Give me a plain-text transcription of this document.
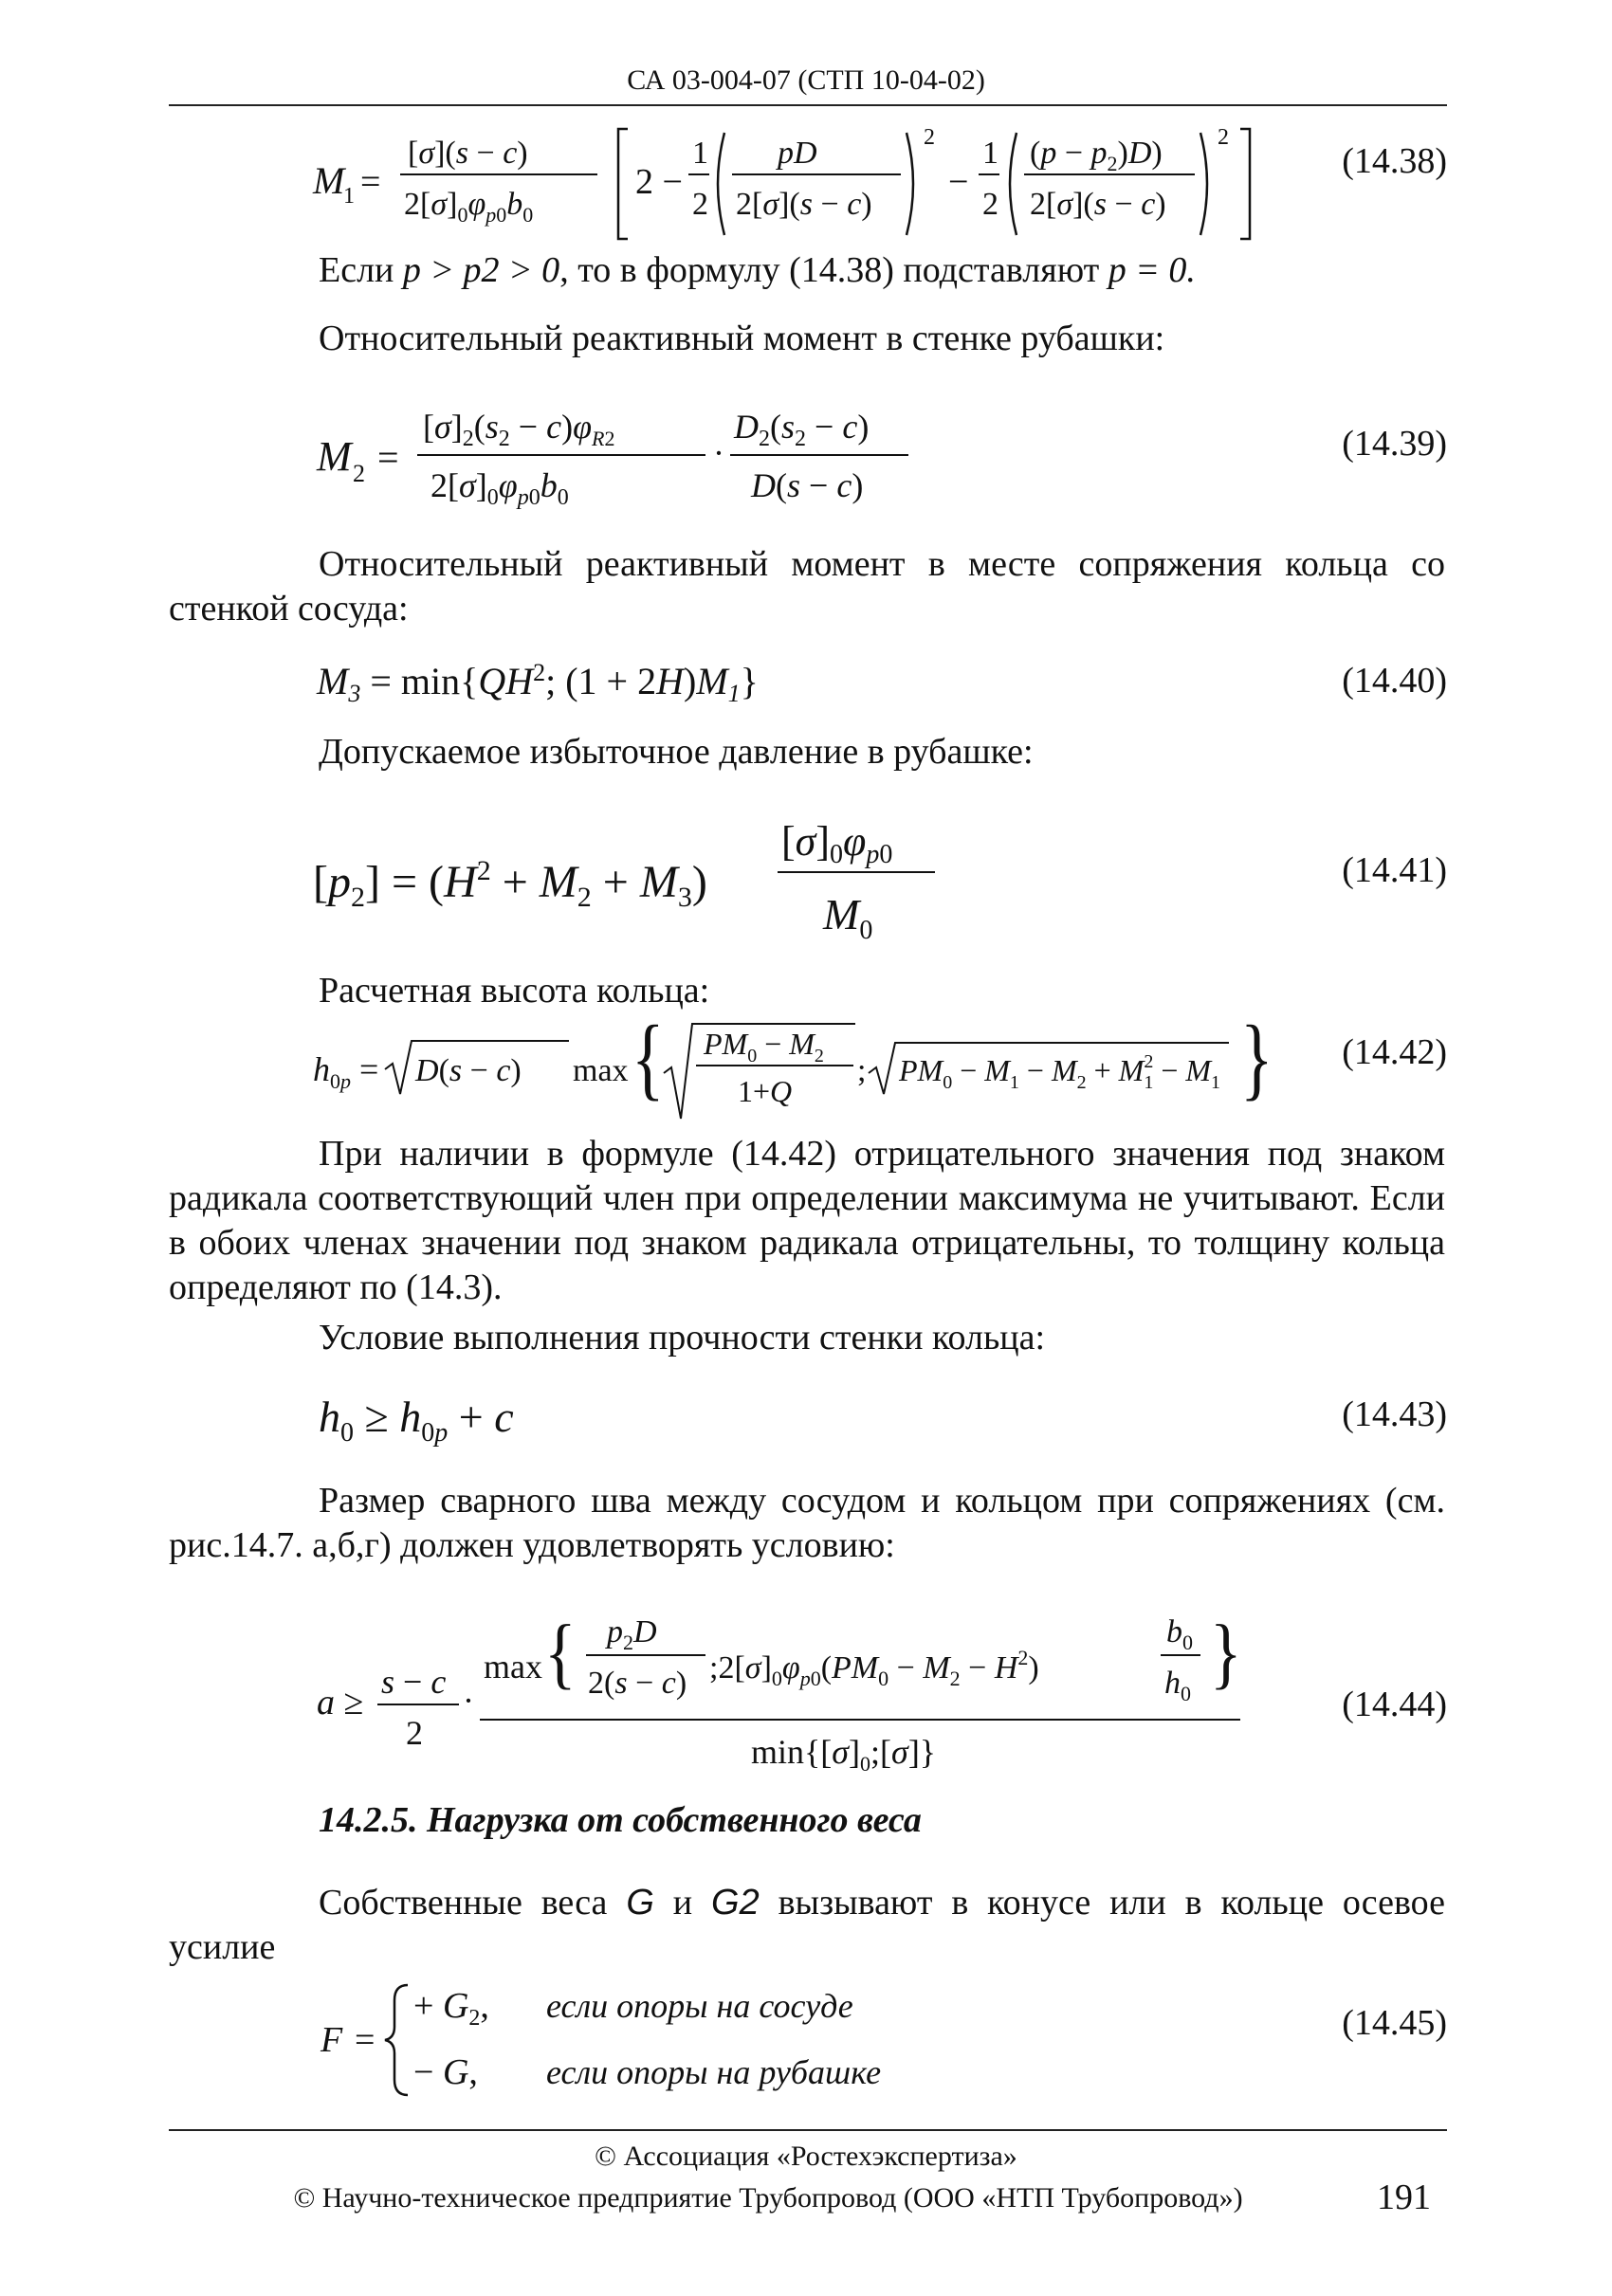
СА 03-004-07 (СТП 10-04-02)
M
1 =
[σ](s − c)
$2[\sigma]_0\varphi_p0b_0$
2 −
1
2
pD
2[σ](s − c)
2
−
1
2
$(p - p_2)D$)
2[σ](s − c)
2
(14.38)
Если p > p2 > 0, то в формулу (14.38) подставляют p = 0.
Относительный реактивный момент в стенке рубашки:
M 2 =
$[\sigma]_2(s_2 - c)\varphi_R2$
$2[\sigma]_0\varphi_p0b_0$
·
$D_2(s_2 - c)$
D(s − c)
(14.39)
Относительный реактивный момент в месте сопряжения кольца со стенкой сосуда:
$M_3 = \min\{QH^2$; $(1 + 2H)M_1$}	(14.40)
Допускаемое избыточное давление в рубашке:
$[p_2] = (H^2 + M_2 + M_3)$
[σ]0φp0
$M_0$
(14.41)
Расчетная высота кольца:
$h_0p = D(s - c)$ max { $PM_0 - M_2$
1+Q
; $PM_0 - M_1 - M_2 + M^2$ $1 - M_1$ }	(14.42)
При наличии в формуле (14.42) отрицательного значения под знаком радикала соответствующий член при определении максимума не учитывают. Если в обоих членах значении под знаком радикала отрицательны, то толщину кольца определяют по (14.3).
Условие выполнения прочности стенки кольца:
$h_0 \ge h_0p + c$	(14.43)
Размер сварного шва между сосудом и кольцом при сопряжениях (см. рис.14.7. а,б,г) должен удовлетворять условию:
a ≥
s − c
2
·
max { $p_2D$
2(s − c) $;2[\sigma]_0\varphi_p0(PM_0 - M_2 - H^2)$
$b_0$
$h_0$ }
$\min\{[\sigma]_0;[\sigma]\}$
(14.44)
14.2.5. Нагрузка от собственного веса
Собственные веса G и G2 вызывают в конусе или в кольце осевое усилие
F =
+ $G_2$,
− G,
если опоры на сосуде
если опоры на рубашке
(14.45)
© Ассоциация «Ростехэкспертиза»
© Научно-техническое предприятие Трубопровод (ООО «НТП Трубопровод»)	191
